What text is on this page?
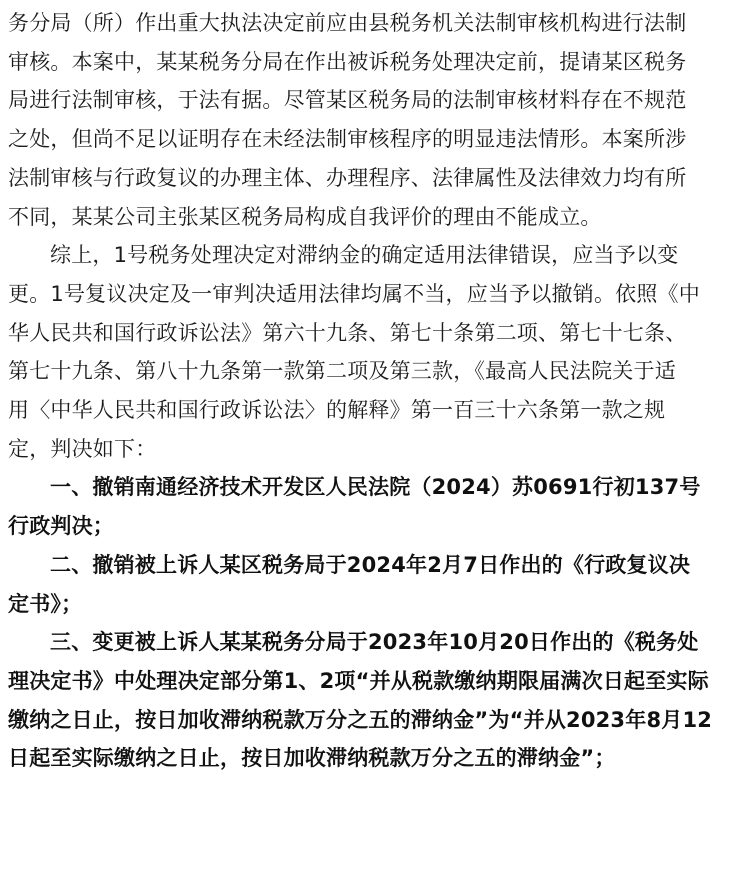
务分局（所）作出重大执法决定前应由县税务机关法制审核机构进行法制
审核。本案中，某某税务分局在作出被诉税务处理决定前，提请某区税务
局进行法制审核，于法有据。尽管某区税务局的法制审核材料存在不规范
之处，但尚不足以证明存在未经法制审核程序的明显违法情形。本案所涉
法制审核与行政复议的办理主体、办理程序、法律属性及法律效力均有所
不同，某某公司主张某区税务局构成自我评价的理由不能成立。

综上，1号税务处理决定对滞纳金的确定适用法律错误，应当予以变
更。1号复议决定及一审判决适用法律均属不当，应当予以撤销。依照《中
华人民共和国行政诉讼法》第六十九条、第七十条第二项、第七十七条、
第七十九条、第八十九条第一款第二项及第三款，《最高人民法院关于适
用〈中华人民共和国行政诉讼法〉的解释》第一百三十六条第一款之规
定，判决如下：

一、撤销南通经济技术开发区人民法院（2024）苏0691行初137号
行政判决；

二、撤销被上诉人某区税务局于2024年2月7日作出的《行政复议决
定书》；

三、变更被上诉人某某税务分局于2023年10月20日作出的《税务处
理决定书》中处理决定部分第1、2项“并从税款缴纳期限届满次日起至实际
缴纳之日止，按日加收滞纳税款万分之五的滞纳金”为“并从2023年8月12
日起至实际缴纳之日止，按日加收滞纳税款万分之五的滞纳金”；
